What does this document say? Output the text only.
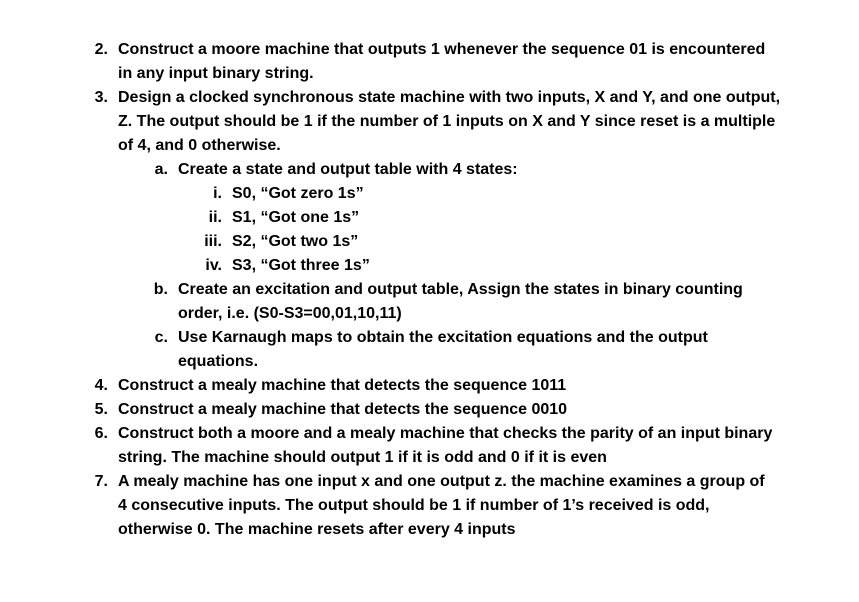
2. Construct a moore machine that outputs 1 whenever the sequence 01 is encountered
in any input binary string.
3. Design a clocked synchronous state machine with two inputs, X and Y, and one output,
Z. The output should be 1 if the number of 1 inputs on X and Y since reset is a multiple
of 4, and 0 otherwise.
a. Create a state and output table with 4 states:
i. S0, “Got zero 1s”
ii. S1, “Got one 1s”
iii. S2, “Got two 1s”
iv. S3, “Got three 1s”
b. Create an excitation and output table, Assign the states in binary counting
order, i.e. (S0-S3=00,01,10,11)
c. Use Karnaugh maps to obtain the excitation equations and the output
equations.
4. Construct a mealy machine that detects the sequence 1011
5. Construct a mealy machine that detects the sequence 0010
6. Construct both a moore and a mealy machine that checks the parity of an input binary
string. The machine should output 1 if it is odd and 0 if it is even
7. A mealy machine has one input x and one output z. the machine examines a group of
4 consecutive inputs. The output should be 1 if number of 1’s received is odd,
otherwise 0. The machine resets after every 4 inputs
